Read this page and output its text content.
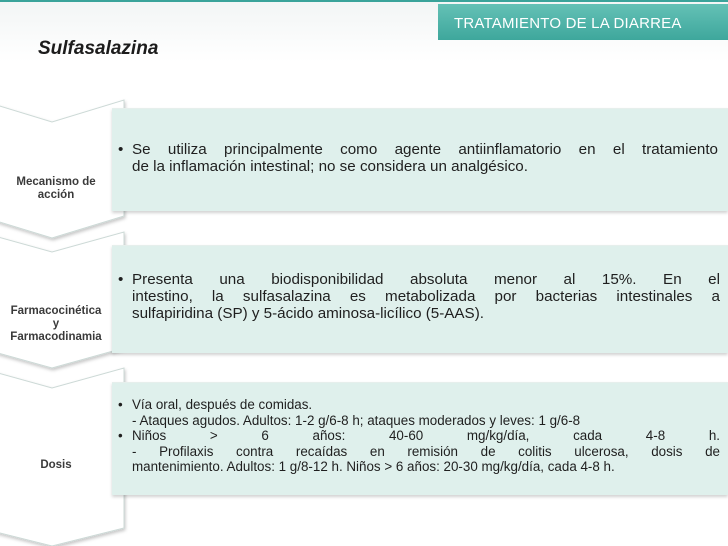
TRATAMIENTO DE LA DIARREA
Sulfasalazina
Mecanismo de
acción
• Se utiliza principalmente como agente antiinflamatorio en el tratamiento
de la inflamación intestinal; no se considera un analgésico.
Farmacocinética
y
Farmacodinamia
• Presenta una biodisponibilidad absoluta menor al 15%. En el
intestino, la sulfasalazina es metabolizada por bacterias intestinales a
sulfapiridina (SP) y 5-ácido aminosa-licílico (5-AAS).
Dosis
• Vía oral, después de comidas.
- Ataques agudos. Adultos: 1-2 g/6-8 h; ataques moderados y leves: 1 g/6-8
• Niños > 6 años: 40-60 mg/kg/día, cada 4-8 h.
- Profilaxis contra recaídas en remisión de colitis ulcerosa, dosis de
mantenimiento. Adultos: 1 g/8-12 h. Niños > 6 años: 20-30 mg/kg/día, cada 4-8 h.
